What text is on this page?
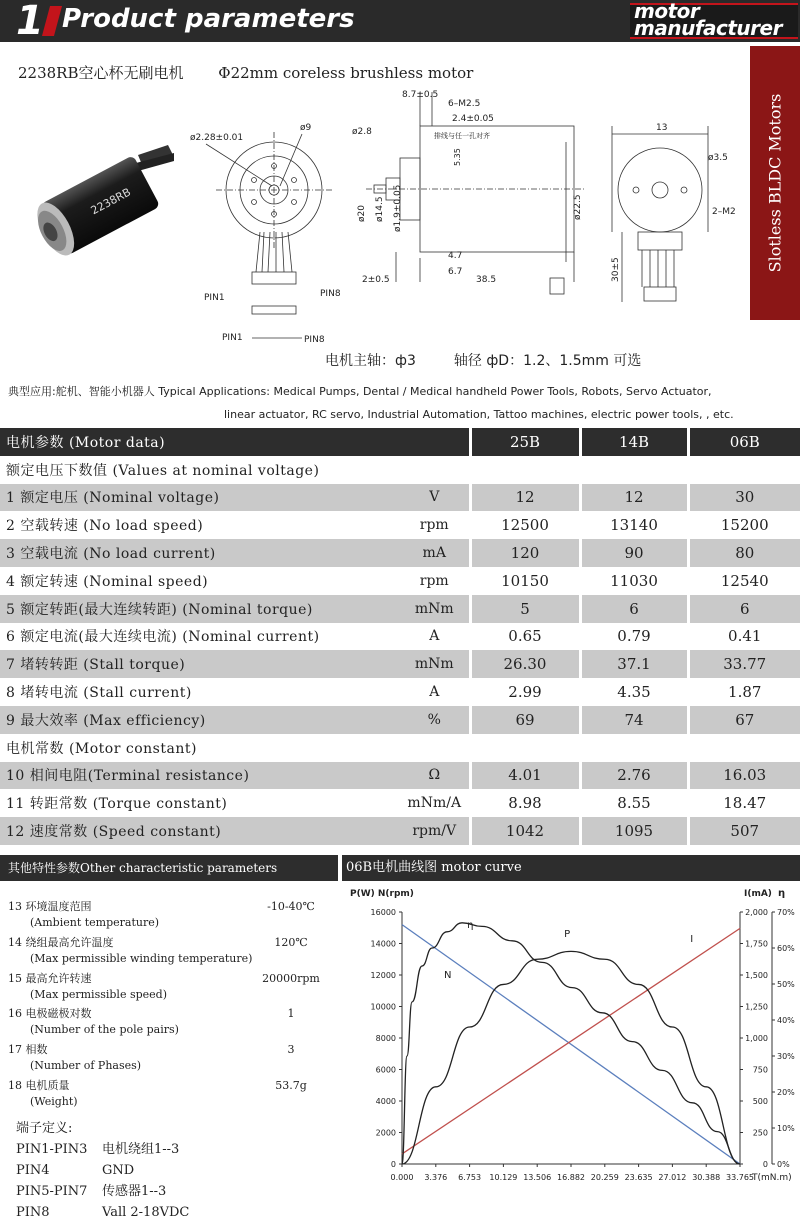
1 Product parameters	motor
manufacturer
2238RB空心杯无刷电机 Φ22mm coreless brushless motor
Slotless BLDC Motors
2238RB
ø2.28±0.01
ø9
PIN1	PIN8
PIN1	PIN8
8.7±0.5
6–M2.5
2.4±0.05
ø2.8	排线与任一孔对齐
5.35
ø20 ø14.5 ø1.9±0.05	ø22.5
4.7
6.7
2±0.5	38.5
13
ø3.5
2–M2
30±5
电机主轴：ф3	轴径 фD：1.2、1.5mm 可选
典型应用:舵机、智能小机器人 Typical Applications: Medical Pumps, Dental / Medical handheld Power Tools, Robots, Servo Actuator,
linear actuator, RC servo, Industrial Automation, Tattoo machines, electric power tools, , etc.
电机参数 (Motor data)		25B	14B	06B
额定电压下数值 (Values at nominal voltage)				
1 额定电压 (Nominal voltage)	V	12	12	30
2 空载转速 (No load speed)	rpm	12500	13140	15200
3 空载电流 (No load current)	mA	120	90	80
4 额定转速 (Nominal speed)	rpm	10150	11030	12540
5 额定转距(最大连续转距) (Nominal torque)	mNm	5	6	6
6 额定电流(最大连续电流) (Nominal current)	A	0.65	0.79	0.41
7 堵转转距 (Stall torque)	mNm	26.30	37.1	33.77
8 堵转电流 (Stall current)	A	2.99	4.35	1.87
9 最大效率 (Max efficiency)	%	69	74	67
电机常数 (Motor constant)				
10 相间电阻(Terminal resistance)	Ω	4.01	2.76	16.03
11 转距常数 (Torque constant)	mNm/A	8.98	8.55	18.47
12 速度常数 (Speed constant)	rpm/V	1042	1095	507
其他特性参数Other characteristic parameters	06B电机曲线图 motor curve
13 环境温度范围	-10-40℃
(Ambient temperature)
14 绕组最高允许温度	120℃
(Max permissible winding temperature)
15 最高允许转速	20000rpm
(Max permissible speed)
16 电极磁极对数	1
(Number of the pole pairs)
17 相数	3
(Number of Phases)
18 电机质量	53.7g
(Weight)
端子定义:
PIN1-PIN3	电机绕组1--3
PIN4	GND
PIN5-PIN7	传感器1--3
PIN8	Vall 2-18VDC
P(W) N(rpm)	I(mA) η
T(mN.m)
0
2000
4000
6000
8000
10000
12000
14000
16000
0
250
500
750
1,000
1,250
1,500
1,750
2,000
0%
10%
20%
30%
40%
50%
60%
70%
0.000 3.376 6.753 10.129 13.506 16.882 20.259 23.635 27.012 30.388 33.765
N
η
P	I
